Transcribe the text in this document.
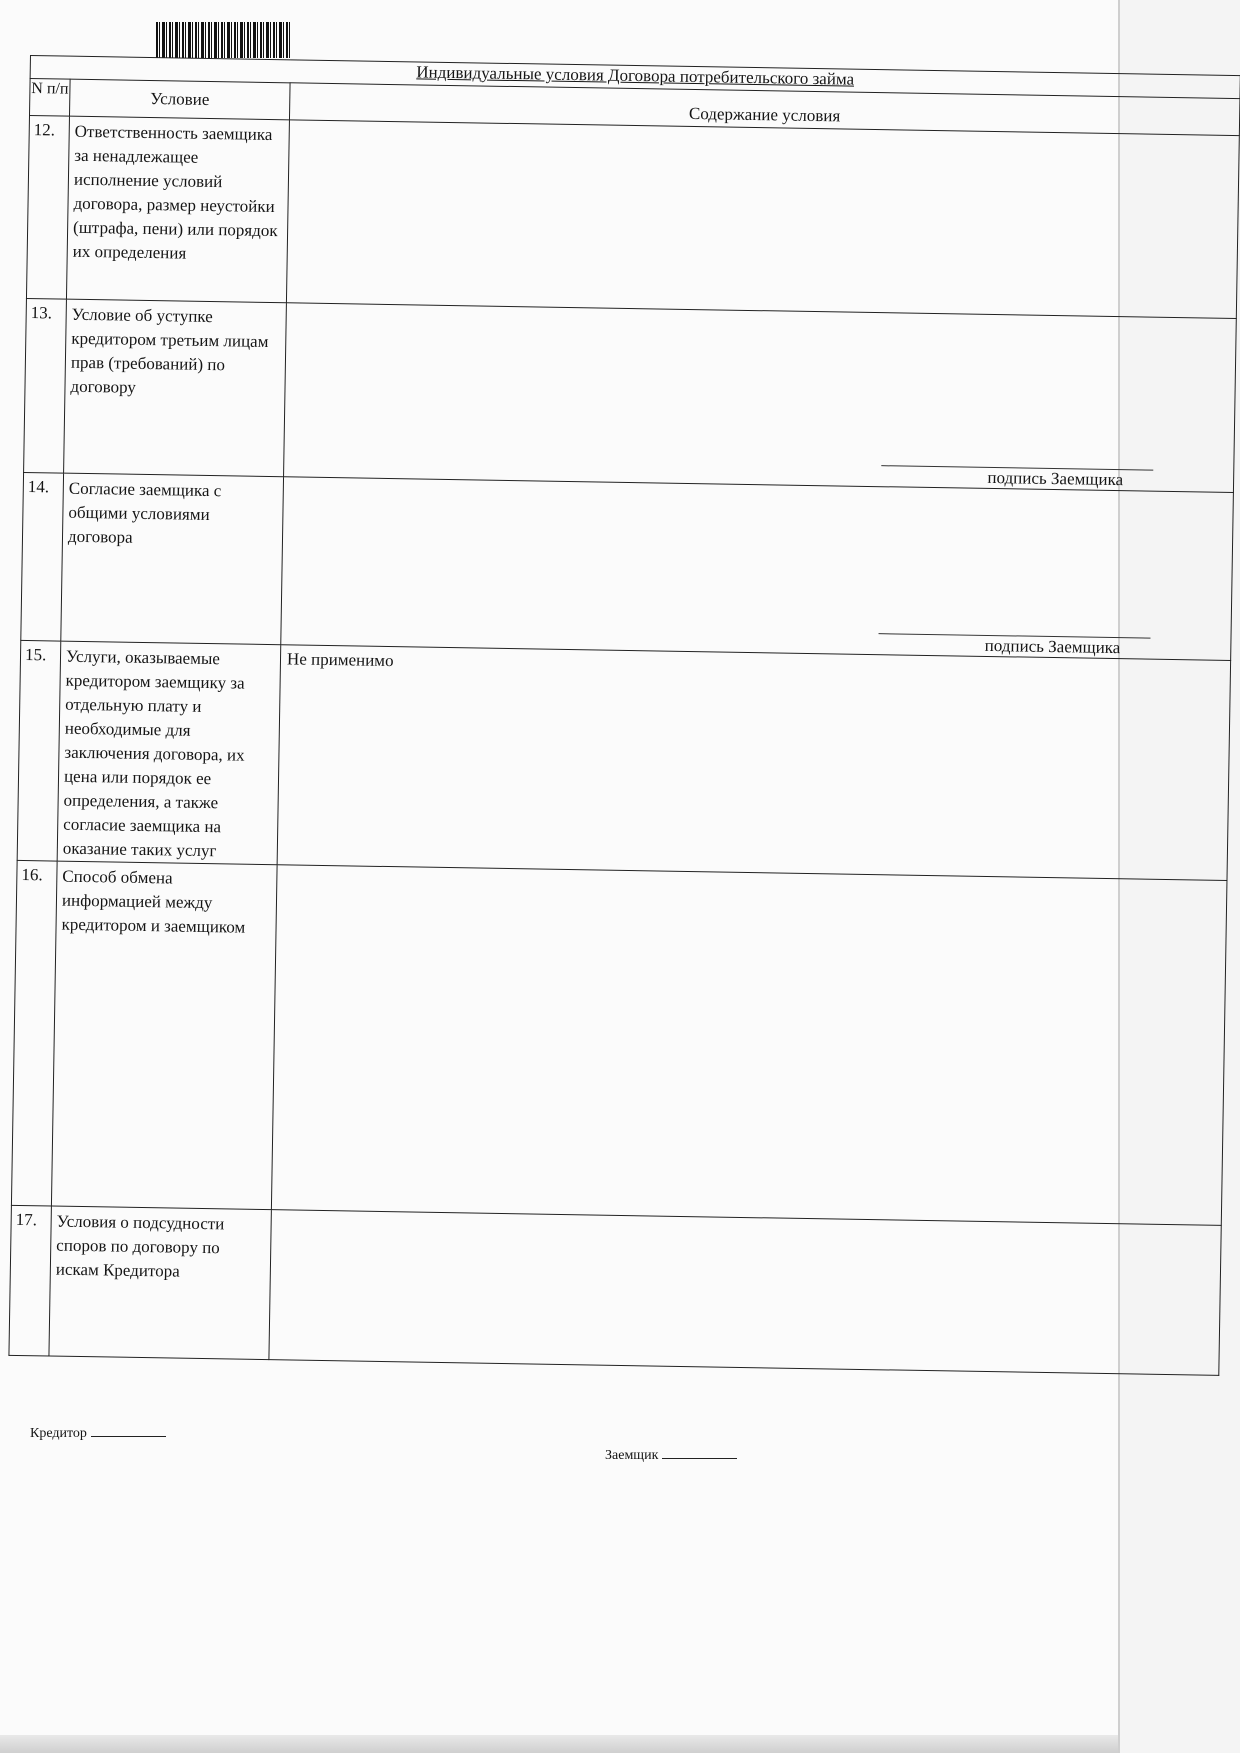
Индивидуальные условия Договора потребительского займа		
N п/п	Условие	Содержание условия
12.	Ответственность заемщика за ненадлежащее исполнение условий договора, размер неустойки (штрафа, пени) или порядок их определения	
13.	Условие об уступке кредитором третьим лицам прав (требований) по договору	подпись Заемщика

14.	Согласие заемщика с общими условиями договора	подпись Заемщика

15.	Услуги, оказываемые кредитором заемщику за отдельную плату и необходимые для заключения договора, их цена или порядок ее определения, а также согласие заемщика на оказание таких услуг	Не применимо
16.	Способ обмена информацией между кредитором и заемщиком	
17.	Условия о подсудности споров по договору по искам Кредитора	
Кредитор
Заемщик
